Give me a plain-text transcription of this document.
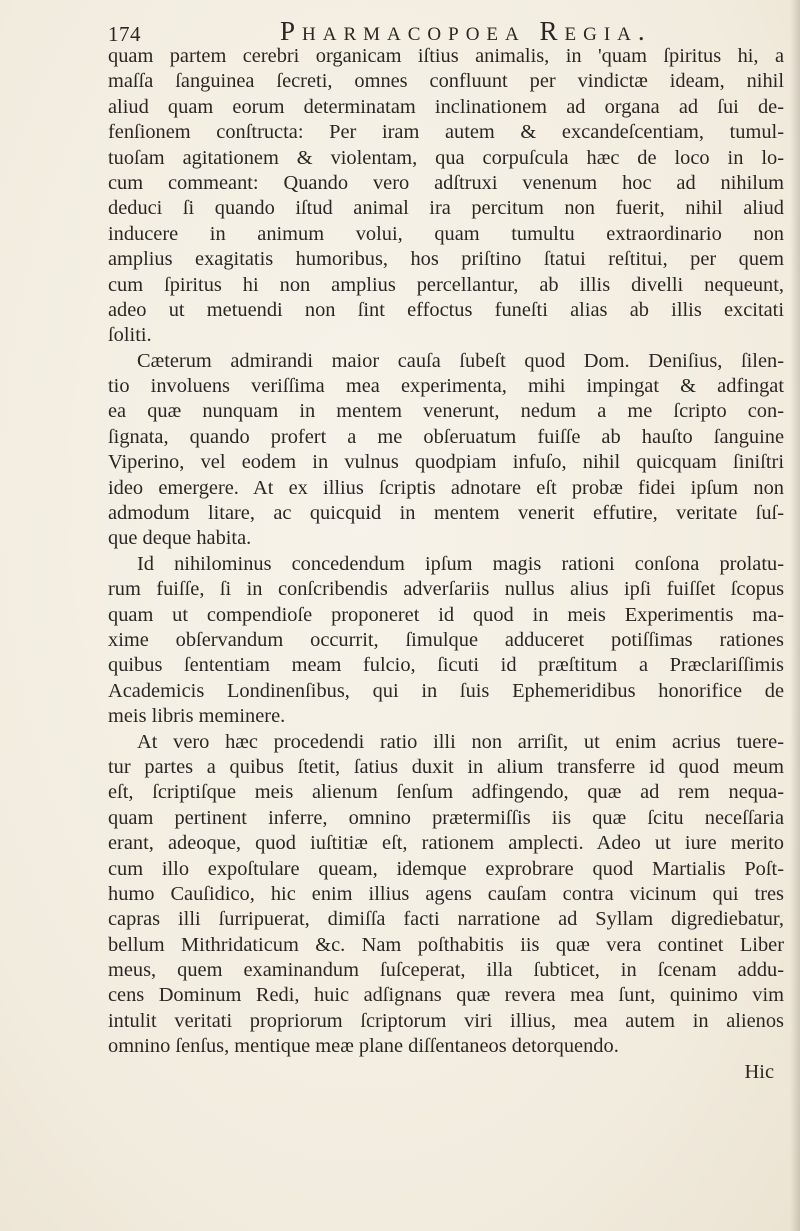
174	Pharmacopoea Regia.
quam partem cerebri organicam iſtius animalis, in 'quam ſpiritus hi, a
maſſa ſanguinea ſecreti, omnes confluunt per vindictæ ideam, nihil
aliud quam eorum determinatam inclinationem ad organa ad ſui de-
fenſionem conſtructa: Per iram autem & excandeſcentiam, tumul-
tuoſam agitationem & violentam, qua corpuſcula hæc de loco in lo-
cum commeant: Quando vero adſtruxi venenum hoc ad nihilum
deduci ſi quando iſtud animal ira percitum non fuerit, nihil aliud
inducere in animum volui, quam tumultu extraordinario non
amplius exagitatis humoribus, hos priſtino ſtatui reſtitui, per quem
cum ſpiritus hi non amplius percellantur, ab illis divelli nequeunt,
adeo ut metuendi non ſint effoctus funeſti alias ab illis excitati
ſoliti.
Cæterum admirandi maior cauſa ſubeſt quod Dom. Deniſius, ſilen-
tio involuens veriſſima mea experimenta, mihi impingat & adfingat
ea quæ nunquam in mentem venerunt, nedum a me ſcripto con-
ſignata, quando profert a me obſeruatum fuiſſe ab hauſto ſanguine
Viperino, vel eodem in vulnus quodpiam infuſo, nihil quicquam ſiniſtri
ideo emergere. At ex illius ſcriptis adnotare eſt probæ fidei ipſum non
admodum litare, ac quicquid in mentem venerit effutire, veritate ſuſ-
que deque habita.
Id nihilominus concedendum ipſum magis rationi conſona prolatu-
rum fuiſſe, ſi in conſcribendis adverſariis nullus alius ipſi fuiſſet ſcopus
quam ut compendioſe proponeret id quod in meis Experimentis ma-
xime obſervandum occurrit, ſimulque adduceret potiſſimas rationes
quibus ſententiam meam fulcio, ſicuti id præſtitum a Præclariſſimis
Academicis Londinenſibus, qui in ſuis Ephemeridibus honorifice de
meis libris meminere.
At vero hæc procedendi ratio illi non arriſit, ut enim acrius tuere-
tur partes a quibus ſtetit, ſatius duxit in alium transferre id quod meum
eſt, ſcriptiſque meis alienum ſenſum adfingendo, quæ ad rem nequa-
quam pertinent inferre, omnino prætermiſſis iis quæ ſcitu neceſſaria
erant, adeoque, quod iuſtitiæ eſt, rationem amplecti. Adeo ut iure merito
cum illo expoſtulare queam, idemque exprobrare quod Martialis Poſt-
humo Cauſidico, hic enim illius agens cauſam contra vicinum qui tres
capras illi ſurripuerat, dimiſſa facti narratione ad Syllam digrediebatur,
bellum Mithridaticum &c. Nam poſthabitis iis quæ vera continet Liber
meus, quem examinandum ſuſceperat, illa ſubticet, in ſcenam addu-
cens Dominum Redi, huic adſignans quæ revera mea ſunt, quinimo vim
intulit veritati propriorum ſcriptorum viri illius, mea autem in alienos
omnino ſenſus, mentique meæ plane diſſentaneos detorquendo.
Hic
